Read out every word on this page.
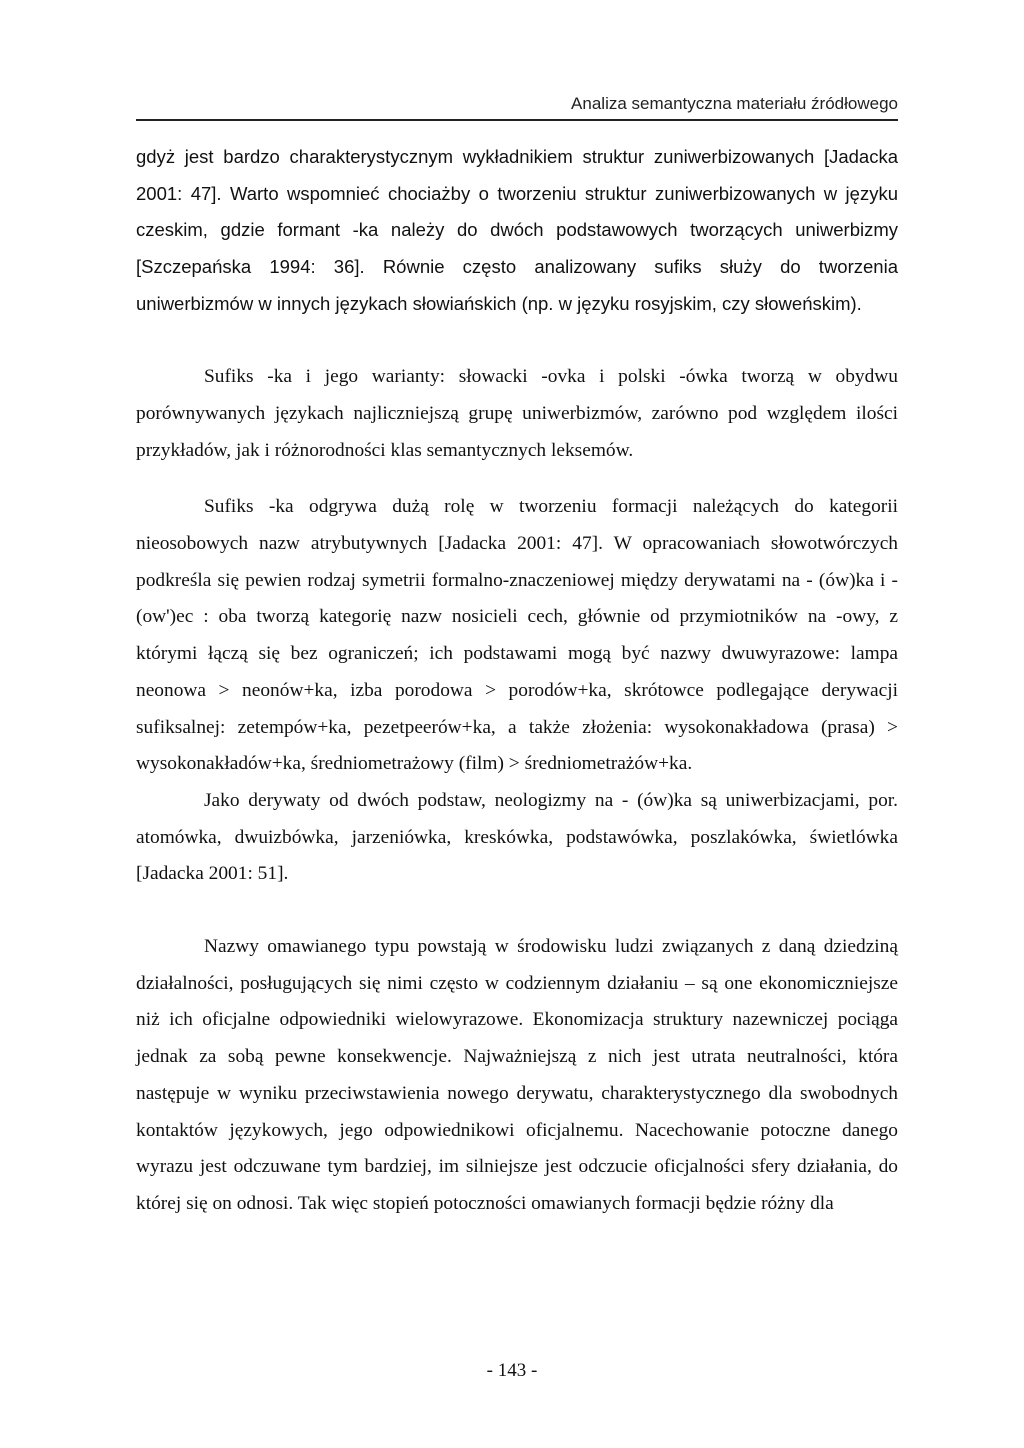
Analiza semantyczna materiału źródłowego

gdyż jest bardzo charakterystycznym wykładnikiem struktur zuniwerbizowanych [Jadacka 2001: 47]. Warto wspomnieć chociażby o tworzeniu struktur zuniwerbizowanych w języku czeskim, gdzie formant -ka należy do dwóch podstawowych tworzących uniwerbizmy [Szczepańska 1994: 36]. Równie często analizowany sufiks służy do tworzenia uniwerbizmów w innych językach słowiańskich (np. w języku rosyjskim, czy słoweńskim).

Sufiks -ka i jego warianty: słowacki -ovka i polski -ówka tworzą w obydwu porównywanych językach najliczniejszą grupę uniwerbizmów, zarówno pod względem ilości przykładów, jak i różnorodności klas semantycznych leksemów.

Sufiks -ka odgrywa dużą rolę w tworzeniu formacji należących do kategorii nieosobowych nazw atrybutywnych [Jadacka 2001: 47]. W opracowaniach słowotwórczych podkreśla się pewien rodzaj symetrii formalno-znaczeniowej między derywatami na - (ów)ka i - (ow')ec : oba tworzą kategorię nazw nosicieli cech, głównie od przymiotników na -owy, z którymi łączą się bez ograniczeń; ich podstawami mogą być nazwy dwuwyrazowe: lampa neonowa > neonów+ka, izba porodowa > porodów+ka, skrótowce podlegające derywacji sufiksalnej: zetempów+ka, pezetpeerów+ka, a także złożenia: wysokonakładowa (prasa) > wysokonakładów+ka, średniometrażowy (film) > średniometrażów+ka.

Jako derywaty od dwóch podstaw, neologizmy na - (ów)ka są uniwerbizacjami, por. atomówka, dwuizbówka, jarzeniówka, kreskówka, podstawówka, poszlakówka, świetlówka [Jadacka 2001: 51].

Nazwy omawianego typu powstają w środowisku ludzi związanych z daną dziedziną działalności, posługujących się nimi często w codziennym działaniu – są one ekonomiczniejsze niż ich oficjalne odpowiedniki wielowyrazowe. Ekonomizacja struktury nazewniczej pociąga jednak za sobą pewne konsekwencje. Najważniejszą z nich jest utrata neutralności, która następuje w wyniku przeciwstawienia nowego derywatu, charakterystycznego dla swobodnych kontaktów językowych, jego odpowiednikowi oficjalnemu. Nacechowanie potoczne danego wyrazu jest odczuwane tym bardziej, im silniejsze jest odczucie oficjalności sfery działania, do której się on odnosi. Tak więc stopień potoczności omawianych formacji będzie różny dla

- 143 -
